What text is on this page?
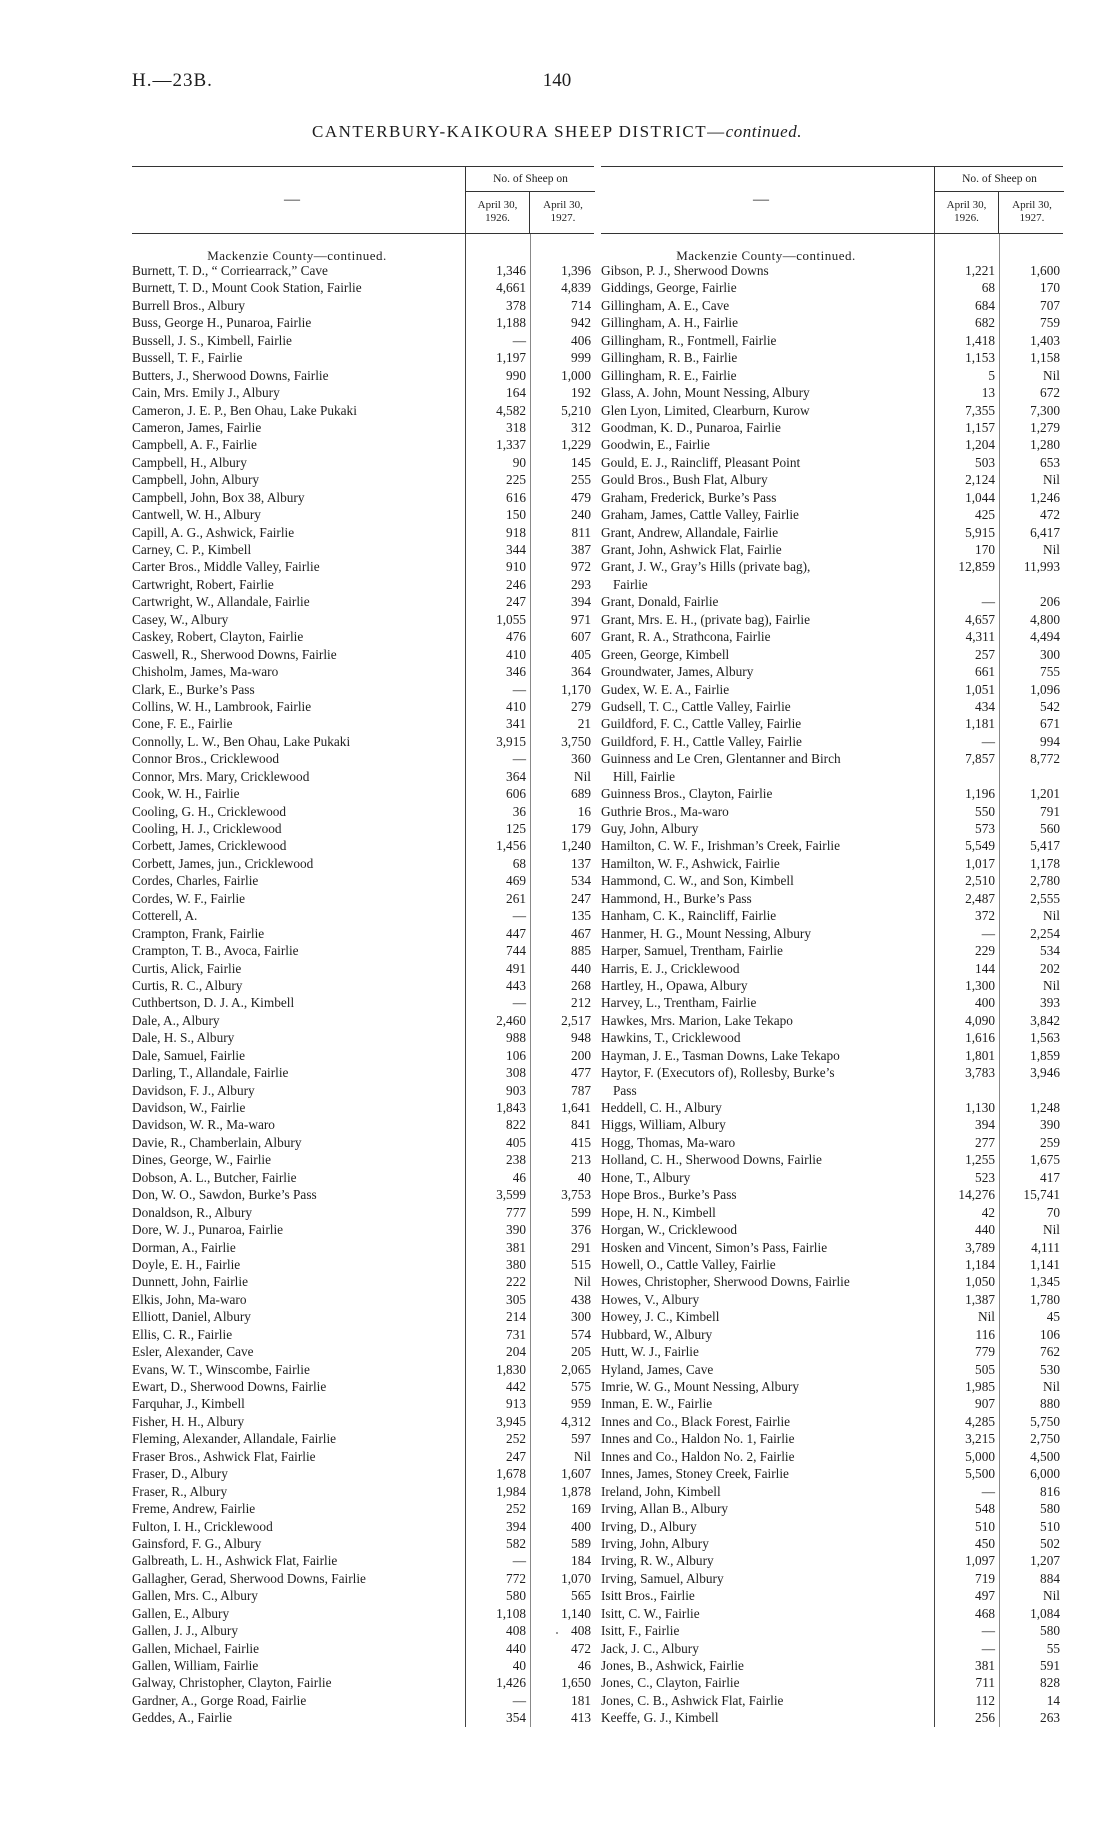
H.—23B.	140
CANTERBURY-KAIKOURA SHEEP DISTRICT—continued.
—
No. of Sheep on
April 30, 1926.
April 30, 1927.
Mackenzie County—continued.
Burnett, T. D., “ Corriearrack,” Cave	1,346	1,396
Burnett, T. D., Mount Cook Station, Fairlie	4,661	4,839
Burrell Bros., Albury	378	714
Buss, George H., Punaroa, Fairlie	1,188	942
Bussell, J. S., Kimbell, Fairlie	—	406
Bussell, T. F., Fairlie	1,197	999
Butters, J., Sherwood Downs, Fairlie	990	1,000
Cain, Mrs. Emily J., Albury	164	192
Cameron, J. E. P., Ben Ohau, Lake Pukaki	4,582	5,210
Cameron, James, Fairlie	318	312
Campbell, A. F., Fairlie	1,337	1,229
Campbell, H., Albury	90	145
Campbell, John, Albury	225	255
Campbell, John, Box 38, Albury	616	479
Cantwell, W. H., Albury	150	240
Capill, A. G., Ashwick, Fairlie	918	811
Carney, C. P., Kimbell	344	387
Carter Bros., Middle Valley, Fairlie	910	972
Cartwright, Robert, Fairlie	246	293
Cartwright, W., Allandale, Fairlie	247	394
Casey, W., Albury	1,055	971
Caskey, Robert, Clayton, Fairlie	476	607
Caswell, R., Sherwood Downs, Fairlie	410	405
Chisholm, James, Ma-waro	346	364
Clark, E., Burke’s Pass	—	1,170
Collins, W. H., Lambrook, Fairlie	410	279
Cone, F. E., Fairlie	341	21
Connolly, L. W., Ben Ohau, Lake Pukaki	3,915	3,750
Connor Bros., Cricklewood	—	360
Connor, Mrs. Mary, Cricklewood	364	Nil
Cook, W. H., Fairlie	606	689
Cooling, G. H., Cricklewood	36	16
Cooling, H. J., Cricklewood	125	179
Corbett, James, Cricklewood	1,456	1,240
Corbett, James, jun., Cricklewood	68	137
Cordes, Charles, Fairlie	469	534
Cordes, W. F., Fairlie	261	247
Cotterell, A.	—	135
Crampton, Frank, Fairlie	447	467
Crampton, T. B., Avoca, Fairlie	744	885
Curtis, Alick, Fairlie	491	440
Curtis, R. C., Albury	443	268
Cuthbertson, D. J. A., Kimbell	—	212
Dale, A., Albury	2,460	2,517
Dale, H. S., Albury	988	948
Dale, Samuel, Fairlie	106	200
Darling, T., Allandale, Fairlie	308	477
Davidson, F. J., Albury	903	787
Davidson, W., Fairlie	1,843	1,641
Davidson, W. R., Ma-waro	822	841
Davie, R., Chamberlain, Albury	405	415
Dines, George, W., Fairlie	238	213
Dobson, A. L., Butcher, Fairlie	46	40
Don, W. O., Sawdon, Burke’s Pass	3,599	3,753
Donaldson, R., Albury	777	599
Dore, W. J., Punaroa, Fairlie	390	376
Dorman, A., Fairlie	381	291
Doyle, E. H., Fairlie	380	515
Dunnett, John, Fairlie	222	Nil
Elkis, John, Ma-waro	305	438
Elliott, Daniel, Albury	214	300
Ellis, C. R., Fairlie	731	574
Esler, Alexander, Cave	204	205
Evans, W. T., Winscombe, Fairlie	1,830	2,065
Ewart, D., Sherwood Downs, Fairlie	442	575
Farquhar, J., Kimbell	913	959
Fisher, H. H., Albury	3,945	4,312
Fleming, Alexander, Allandale, Fairlie	252	597
Fraser Bros., Ashwick Flat, Fairlie	247	Nil
Fraser, D., Albury	1,678	1,607
Fraser, R., Albury	1,984	1,878
Freme, Andrew, Fairlie	252	169
Fulton, I. H., Cricklewood	394	400
Gainsford, F. G., Albury	582	589
Galbreath, L. H., Ashwick Flat, Fairlie	—	184
Gallagher, Gerad, Sherwood Downs, Fairlie	772	1,070
Gallen, Mrs. C., Albury	580	565
Gallen, E., Albury	1,108	1,140
Gallen, J. J., Albury	408	408
Gallen, Michael, Fairlie	440	472
Gallen, William, Fairlie	40	46
Galway, Christopher, Clayton, Fairlie	1,426	1,650
Gardner, A., Gorge Road, Fairlie	—	181
Geddes, A., Fairlie	354	413
—
No. of Sheep on
April 30, 1926.
April 30, 1927.
Mackenzie County—continued.
Gibson, P. J., Sherwood Downs	1,221	1,600
Giddings, George, Fairlie	68	170
Gillingham, A. E., Cave	684	707
Gillingham, A. H., Fairlie	682	759
Gillingham, R., Fontmell, Fairlie	1,418	1,403
Gillingham, R. B., Fairlie	1,153	1,158
Gillingham, R. E., Fairlie	5	Nil
Glass, A. John, Mount Nessing, Albury	13	672
Glen Lyon, Limited, Clearburn, Kurow	7,355	7,300
Goodman, K. D., Punaroa, Fairlie	1,157	1,279
Goodwin, E., Fairlie	1,204	1,280
Gould, E. J., Raincliff, Pleasant Point	503	653
Gould Bros., Bush Flat, Albury	2,124	Nil
Graham, Frederick, Burke’s Pass	1,044	1,246
Graham, James, Cattle Valley, Fairlie	425	472
Grant, Andrew, Allandale, Fairlie	5,915	6,417
Grant, John, Ashwick Flat, Fairlie	170	Nil
Grant, J. W., Gray’s Hills (private bag),	12,859	11,993
Fairlie
Grant, Donald, Fairlie	—	206
Grant, Mrs. E. H., (private bag), Fairlie	4,657	4,800
Grant, R. A., Strathcona, Fairlie	4,311	4,494
Green, George, Kimbell	257	300
Groundwater, James, Albury	661	755
Gudex, W. E. A., Fairlie	1,051	1,096
Gudsell, T. C., Cattle Valley, Fairlie	434	542
Guildford, F. C., Cattle Valley, Fairlie	1,181	671
Guildford, F. H., Cattle Valley, Fairlie	—	994
Guinness and Le Cren, Glentanner and Birch	7,857	8,772
Hill, Fairlie
Guinness Bros., Clayton, Fairlie	1,196	1,201
Guthrie Bros., Ma-waro	550	791
Guy, John, Albury	573	560
Hamilton, C. W. F., Irishman’s Creek, Fairlie	5,549	5,417
Hamilton, W. F., Ashwick, Fairlie	1,017	1,178
Hammond, C. W., and Son, Kimbell	2,510	2,780
Hammond, H., Burke’s Pass	2,487	2,555
Hanham, C. K., Raincliff, Fairlie	372	Nil
Hanmer, H. G., Mount Nessing, Albury	—	2,254
Harper, Samuel, Trentham, Fairlie	229	534
Harris, E. J., Cricklewood	144	202
Hartley, H., Opawa, Albury	1,300	Nil
Harvey, L., Trentham, Fairlie	400	393
Hawkes, Mrs. Marion, Lake Tekapo	4,090	3,842
Hawkins, T., Cricklewood	1,616	1,563
Hayman, J. E., Tasman Downs, Lake Tekapo	1,801	1,859
Haytor, F. (Executors of), Rollesby, Burke’s	3,783	3,946
Pass
Heddell, C. H., Albury	1,130	1,248
Higgs, William, Albury	394	390
Hogg, Thomas, Ma-waro	277	259
Holland, C. H., Sherwood Downs, Fairlie	1,255	1,675
Hone, T., Albury	523	417
Hope Bros., Burke’s Pass	14,276	15,741
Hope, H. N., Kimbell	42	70
Horgan, W., Cricklewood	440	Nil
Hosken and Vincent, Simon’s Pass, Fairlie	3,789	4,111
Howell, O., Cattle Valley, Fairlie	1,184	1,141
Howes, Christopher, Sherwood Downs, Fairlie	1,050	1,345
Howes, V., Albury	1,387	1,780
Howey, J. C., Kimbell	Nil	45
Hubbard, W., Albury	116	106
Hutt, W. J., Fairlie	779	762
Hyland, James, Cave	505	530
Imrie, W. G., Mount Nessing, Albury	1,985	Nil
Inman, E. W., Fairlie	907	880
Innes and Co., Black Forest, Fairlie	4,285	5,750
Innes and Co., Haldon No. 1, Fairlie	3,215	2,750
Innes and Co., Haldon No. 2, Fairlie	5,000	4,500
Innes, James, Stoney Creek, Fairlie	5,500	6,000
Ireland, John, Kimbell	—	816
Irving, Allan B., Albury	548	580
Irving, D., Albury	510	510
Irving, John, Albury	450	502
Irving, R. W., Albury	1,097	1,207
Irving, Samuel, Albury	719	884
Isitt Bros., Fairlie	497	Nil
Isitt, C. W., Fairlie	468	1,084
Isitt, F., Fairlie	—	580
Jack, J. C., Albury	—	55
Jones, B., Ashwick, Fairlie	381	591
Jones, C., Clayton, Fairlie	711	828
Jones, C. B., Ashwick Flat, Fairlie	112	14
Keeffe, G. J., Kimbell	256	263
